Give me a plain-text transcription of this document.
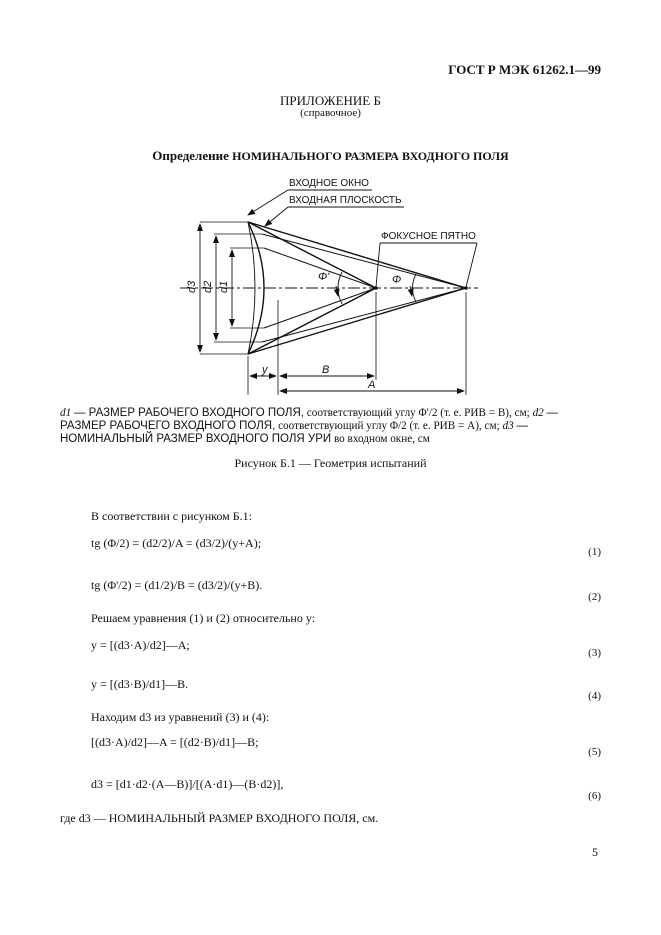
ГОСТ Р МЭК 61262.1—99
ПРИЛОЖЕНИЕ Б
(справочное)
Определение НОМИНАЛЬНОГО РАЗМЕРА ВХОДНОГО ПОЛЯ
ВХОДНОЕ ОКНО
ВХОДНАЯ ПЛОСКОСТЬ
ФОКУСНОЕ ПЯТНО
Φ'	Φ
y	B
A
d3 d2 d1
d1 — РАЗМЕР РАБОЧЕГО ВХОДНОГО ПОЛЯ, соответствующий углу Φ'/2 (т. е. РИВ = B), см; d2 — РАЗМЕР РАБОЧЕГО ВХОДНОГО ПОЛЯ, соответствующий углу Φ/2 (т. е. РИВ = A), см; d3 — НОМИНАЛЬНЫЙ РАЗМЕР ВХОДНОГО ПОЛЯ УРИ во входном окне, см
Рисунок Б.1 — Геометрия испытаний
В соответствии с рисунком Б.1:
tg (Φ/2) = (d2/2)/A = (d3/2)/(y+A);
(1)
tg (Φ'/2) = (d1/2)/B = (d3/2)/(y+B).
(2)
Решаем уравнения (1) и (2) относительно y:
y = [(d3·A)/d2]—A;
(3)
y = [(d3·B)/d1]—B.
(4)
Находим d3 из уравнений (3) и (4):
[(d3·A)/d2]—A = [(d2·B)/d1]—B;
(5)
d3 = [d1·d2·(A—B)]/[(A·d1)—(B·d2)],
(6)
где d3 — НОМИНАЛЬНЫЙ РАЗМЕР ВХОДНОГО ПОЛЯ, см.
5
